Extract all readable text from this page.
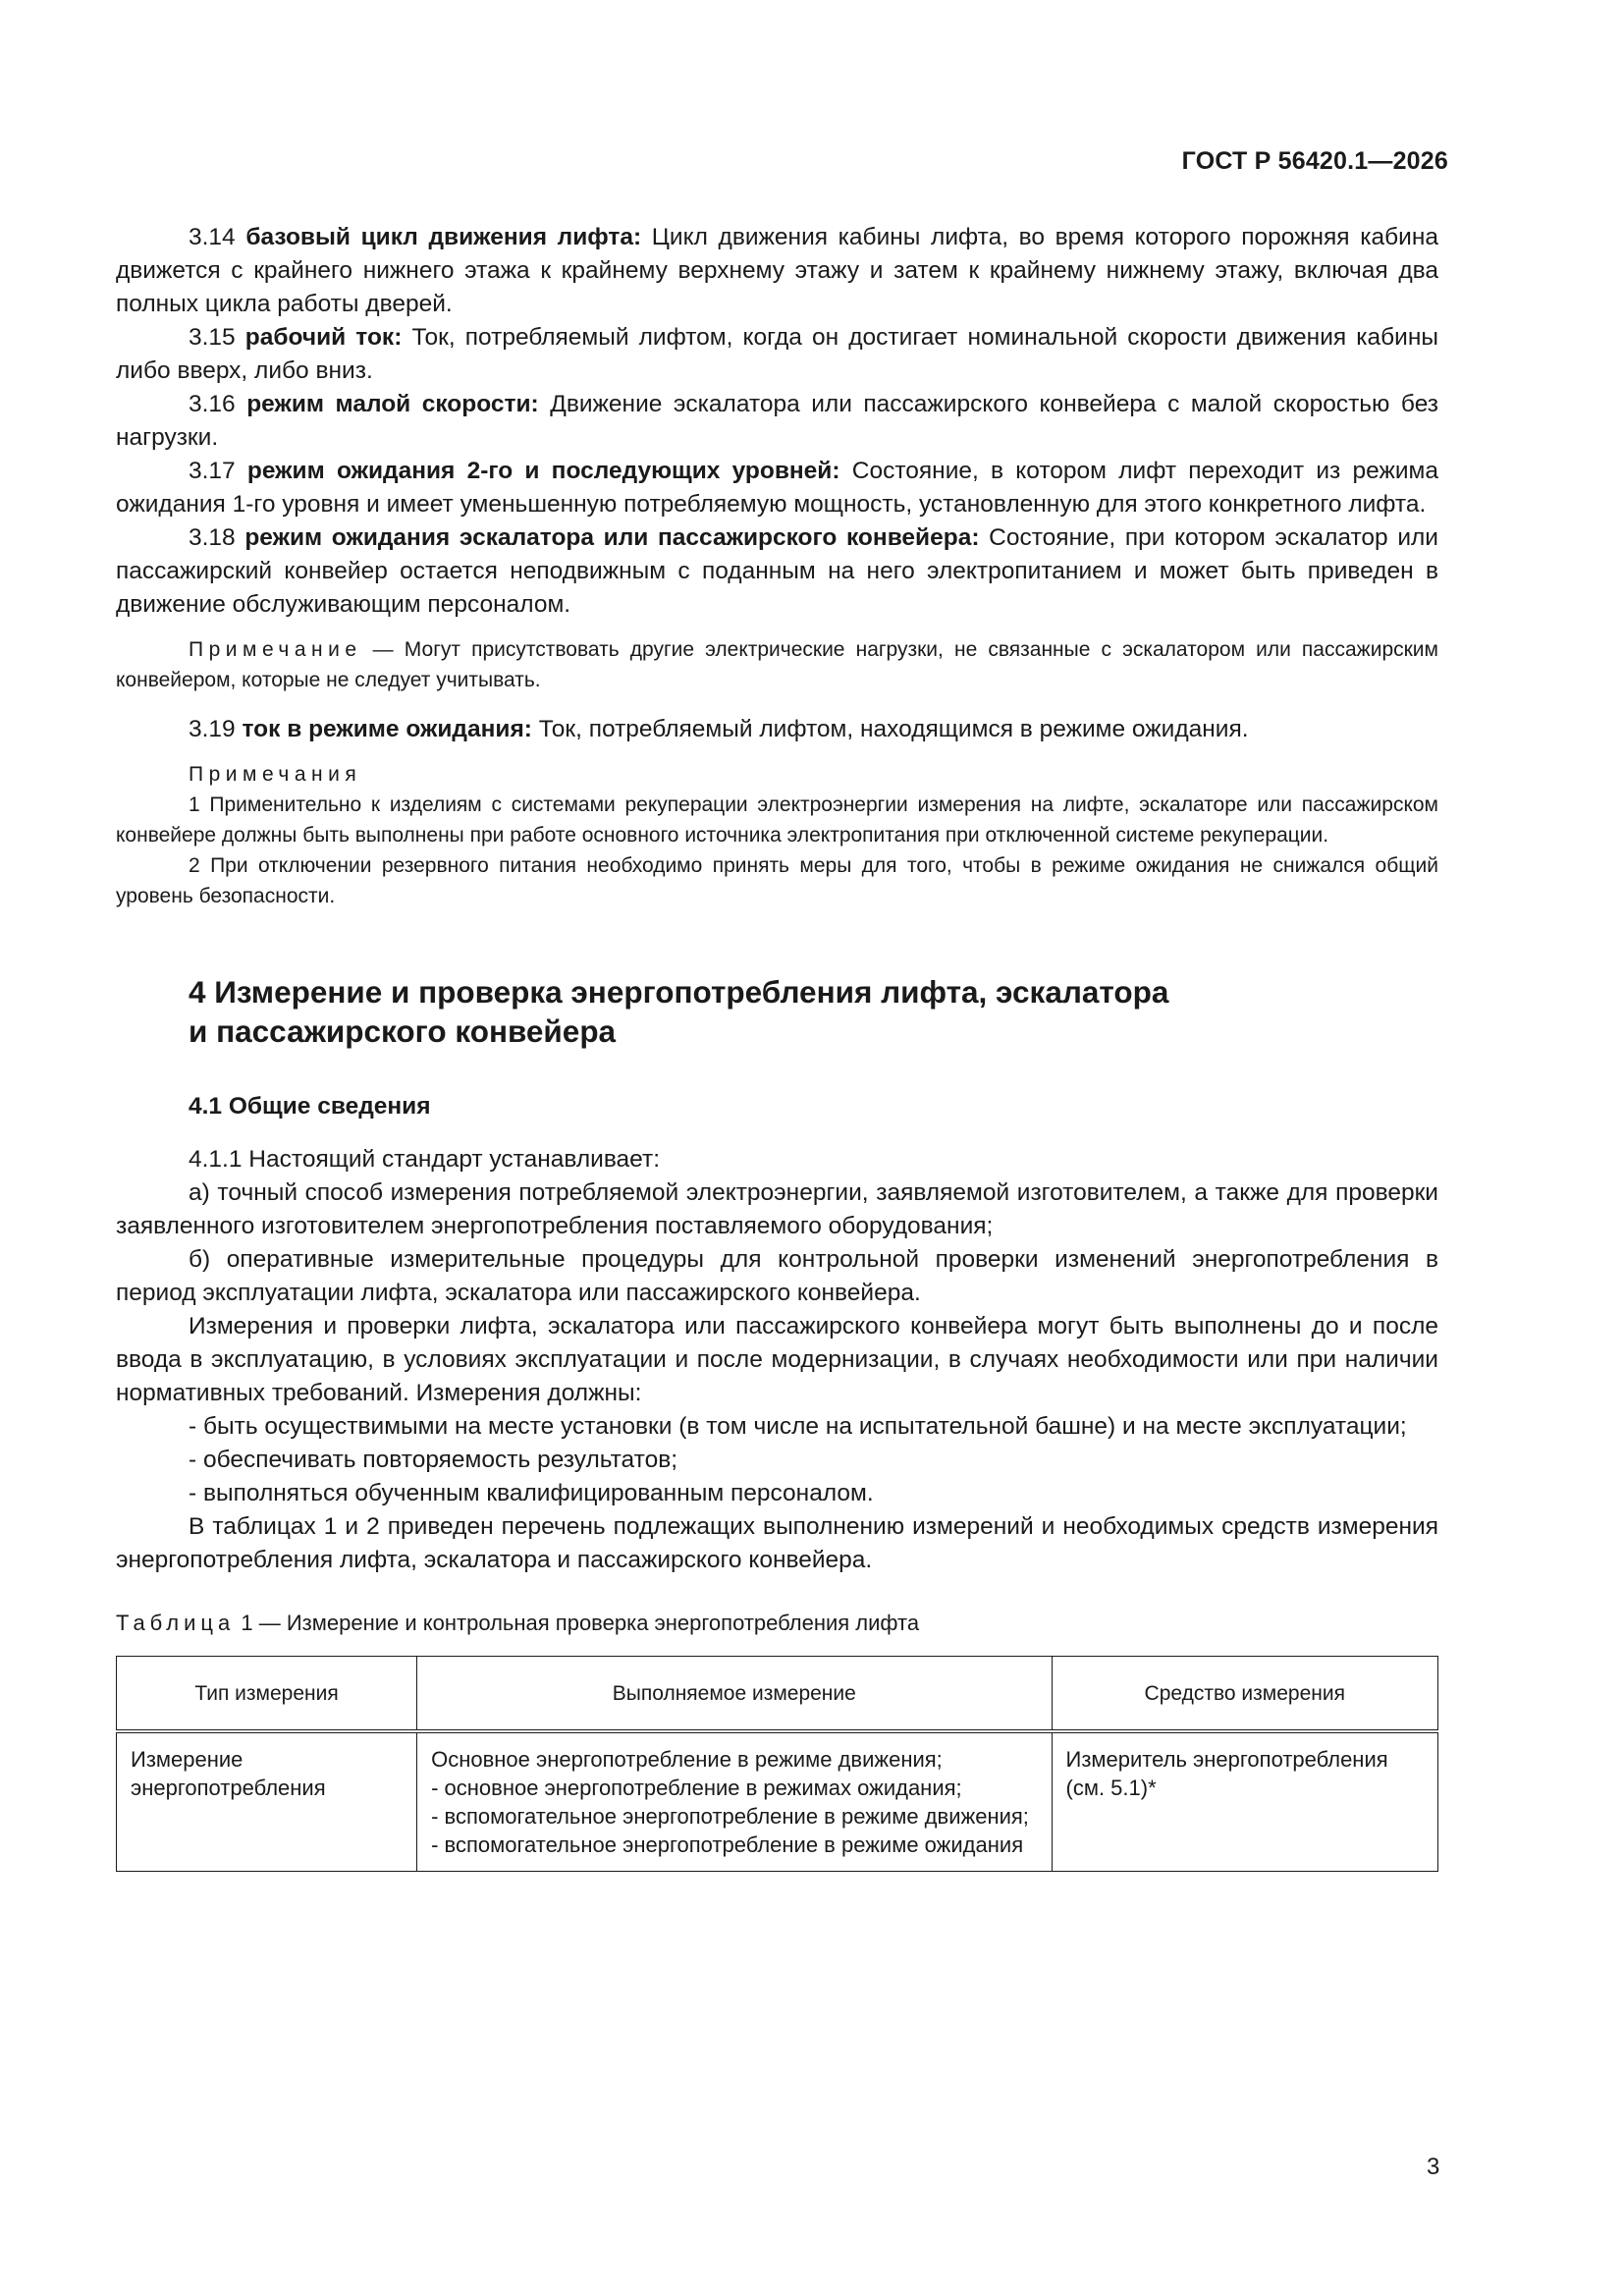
ГОСТ Р 56420.1—2026

3.14 базовый цикл движения лифта: Цикл движения кабины лифта, во время которого порожняя кабина движется с крайнего нижнего этажа к крайнему верхнему этажу и затем к крайнему нижнему этажу, включая два полных цикла работы дверей.

3.15 рабочий ток: Ток, потребляемый лифтом, когда он достигает номинальной скорости движения кабины либо вверх, либо вниз.

3.16 режим малой скорости: Движение эскалатора или пассажирского конвейера с малой скоростью без нагрузки.

3.17 режим ожидания 2-го и последующих уровней: Состояние, в котором лифт переходит из режима ожидания 1-го уровня и имеет уменьшенную потребляемую мощность, установленную для этого конкретного лифта.

3.18 режим ожидания эскалатора или пассажирского конвейера: Состояние, при котором эскалатор или пассажирский конвейер остается неподвижным с поданным на него электропитанием и может быть приведен в движение обслуживающим персоналом.

Примечание — Могут присутствовать другие электрические нагрузки, не связанные с эскалатором или пассажирским конвейером, которые не следует учитывать.

3.19 ток в режиме ожидания: Ток, потребляемый лифтом, находящимся в режиме ожидания.

Примечания

1 Применительно к изделиям с системами рекуперации электроэнергии измерения на лифте, эскалаторе или пассажирском конвейере должны быть выполнены при работе основного источника электропитания при отключенной системе рекуперации.

2 При отключении резервного питания необходимо принять меры для того, чтобы в режиме ожидания не снижался общий уровень безопасности.

4 Измерение и проверка энергопотребления лифта, эскалатора
и пассажирского конвейера
4.1 Общие сведения

4.1.1 Настоящий стандарт устанавливает:

а) точный способ измерения потребляемой электроэнергии, заявляемой изготовителем, а также для проверки заявленного изготовителем энергопотребления поставляемого оборудования;

б) оперативные измерительные процедуры для контрольной проверки изменений энергопотребления в период эксплуатации лифта, эскалатора или пассажирского конвейера.

Измерения и проверки лифта, эскалатора или пассажирского конвейера могут быть выполнены до и после ввода в эксплуатацию, в условиях эксплуатации и после модернизации, в случаях необходимости или при наличии нормативных требований. Измерения должны:

- быть осуществимыми на месте установки (в том числе на испытательной башне) и на месте эксплуатации;

- обеспечивать повторяемость результатов;

- выполняться обученным квалифицированным персоналом.

В таблицах 1 и 2 приведен перечень подлежащих выполнению измерений и необходимых средств измерения энергопотребления лифта, эскалатора и пассажирского конвейера.

Таблица 1 — Измерение и контрольная проверка энергопотребления лифта
Тип измерения	Выполняемое измерение	Средство измерения
Измерение энергопотребления	Основное энергопотребление в режиме движения;
- основное энергопотребление в режимах ожидания;
- вспомогательное энергопотребление в режиме движения;
- вспомогательное энергопотребление в режиме ожидания	Измеритель энергопотребления (см. 5.1)*
3
